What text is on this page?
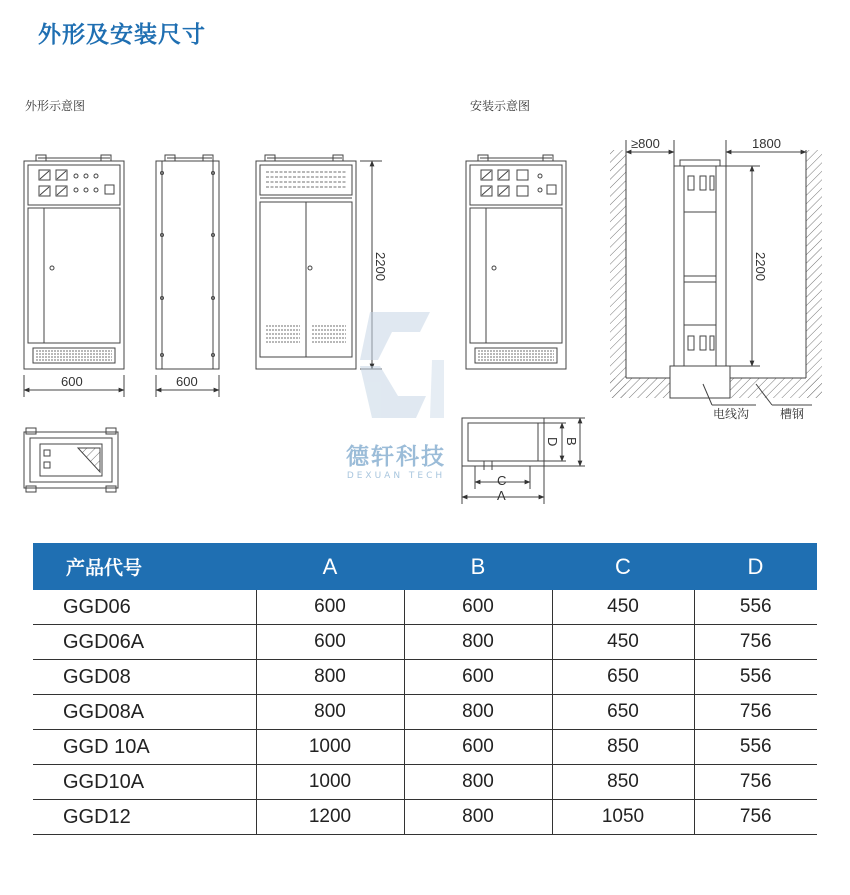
外形及安装尺寸
外形示意图	安装示意图
600	600
2200
≥800	1800
2200
电线沟	槽钢
A
C
B
D
德轩科技
DEXUAN TECH
产品代号	A	B	C	D
GGD06	600	600	450	556
GGD06A	600	800	450	756
GGD08	800	600	650	556
GGD08A	800	800	650	756
GGD 10A	1000	600	850	556
GGD10A	1000	800	850	756
GGD12	1200	800	1050	756
